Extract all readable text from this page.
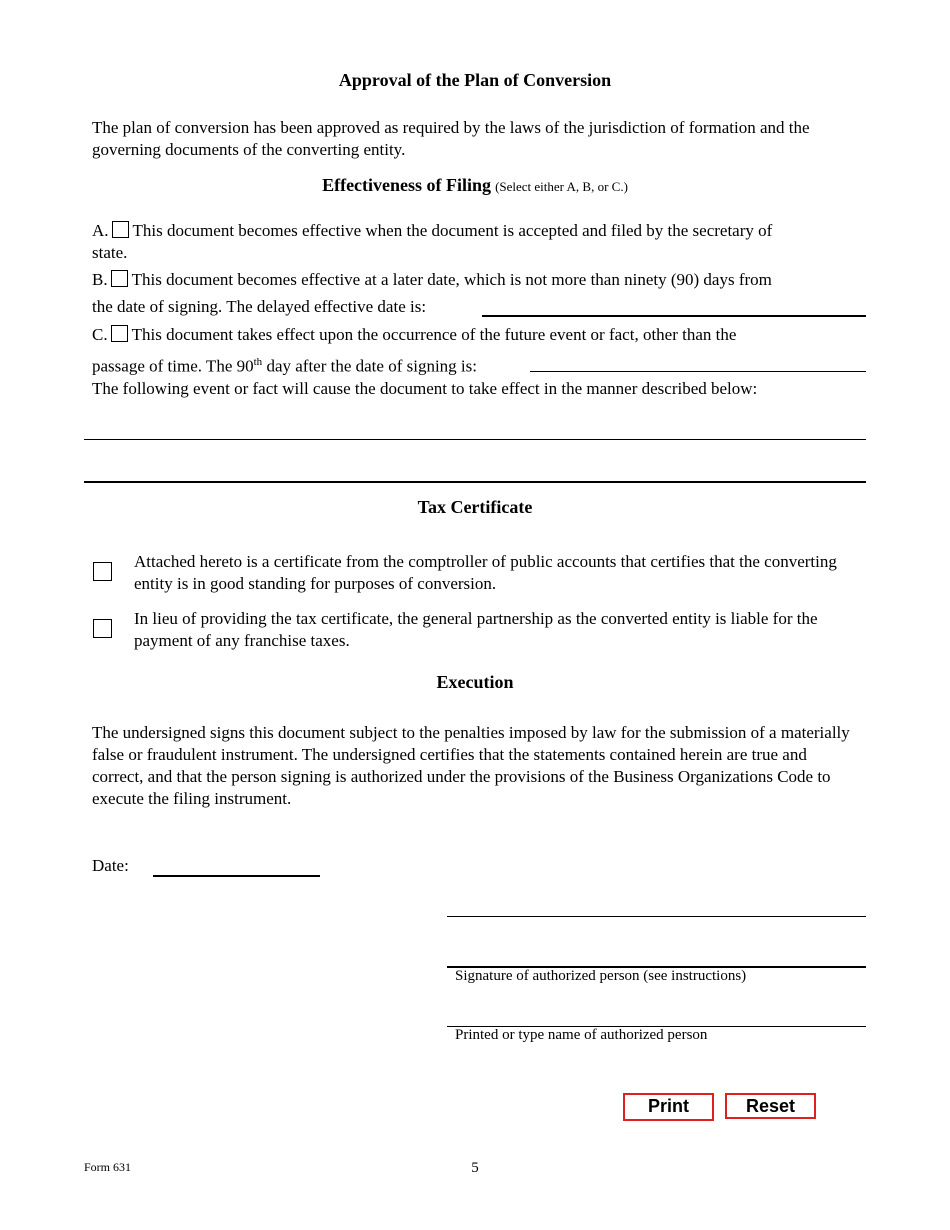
Approval of the Plan of Conversion
The plan of conversion has been approved as required by the laws of the jurisdiction of formation and the governing documents of the converting entity.
Effectiveness of Filing (Select either A, B, or C.)
A. This document becomes effective when the document is accepted and filed by the secretary of
state.
B. This document becomes effective at a later date, which is not more than ninety (90) days from
the date of signing. The delayed effective date is:
C. This document takes effect upon the occurrence of the future event or fact, other than the
passage of time. The 90th day after the date of signing is:
The following event or fact will cause the document to take effect in the manner described below:
Tax Certificate
Attached hereto is a certificate from the comptroller of public accounts that certifies that the converting entity is in good standing for purposes of conversion.
In lieu of providing the tax certificate, the general partnership as the converted entity is liable for the payment of any franchise taxes.
Execution
The undersigned signs this document subject to the penalties imposed by law for the submission of a materially false or fraudulent instrument. The undersigned certifies that the statements contained herein are true and correct, and that the person signing is authorized under the provisions of the Business Organizations Code to execute the filing instrument.
Date:
Signature of authorized person (see instructions)
Printed or type name of authorized person
Print	Reset
Form 631	5
